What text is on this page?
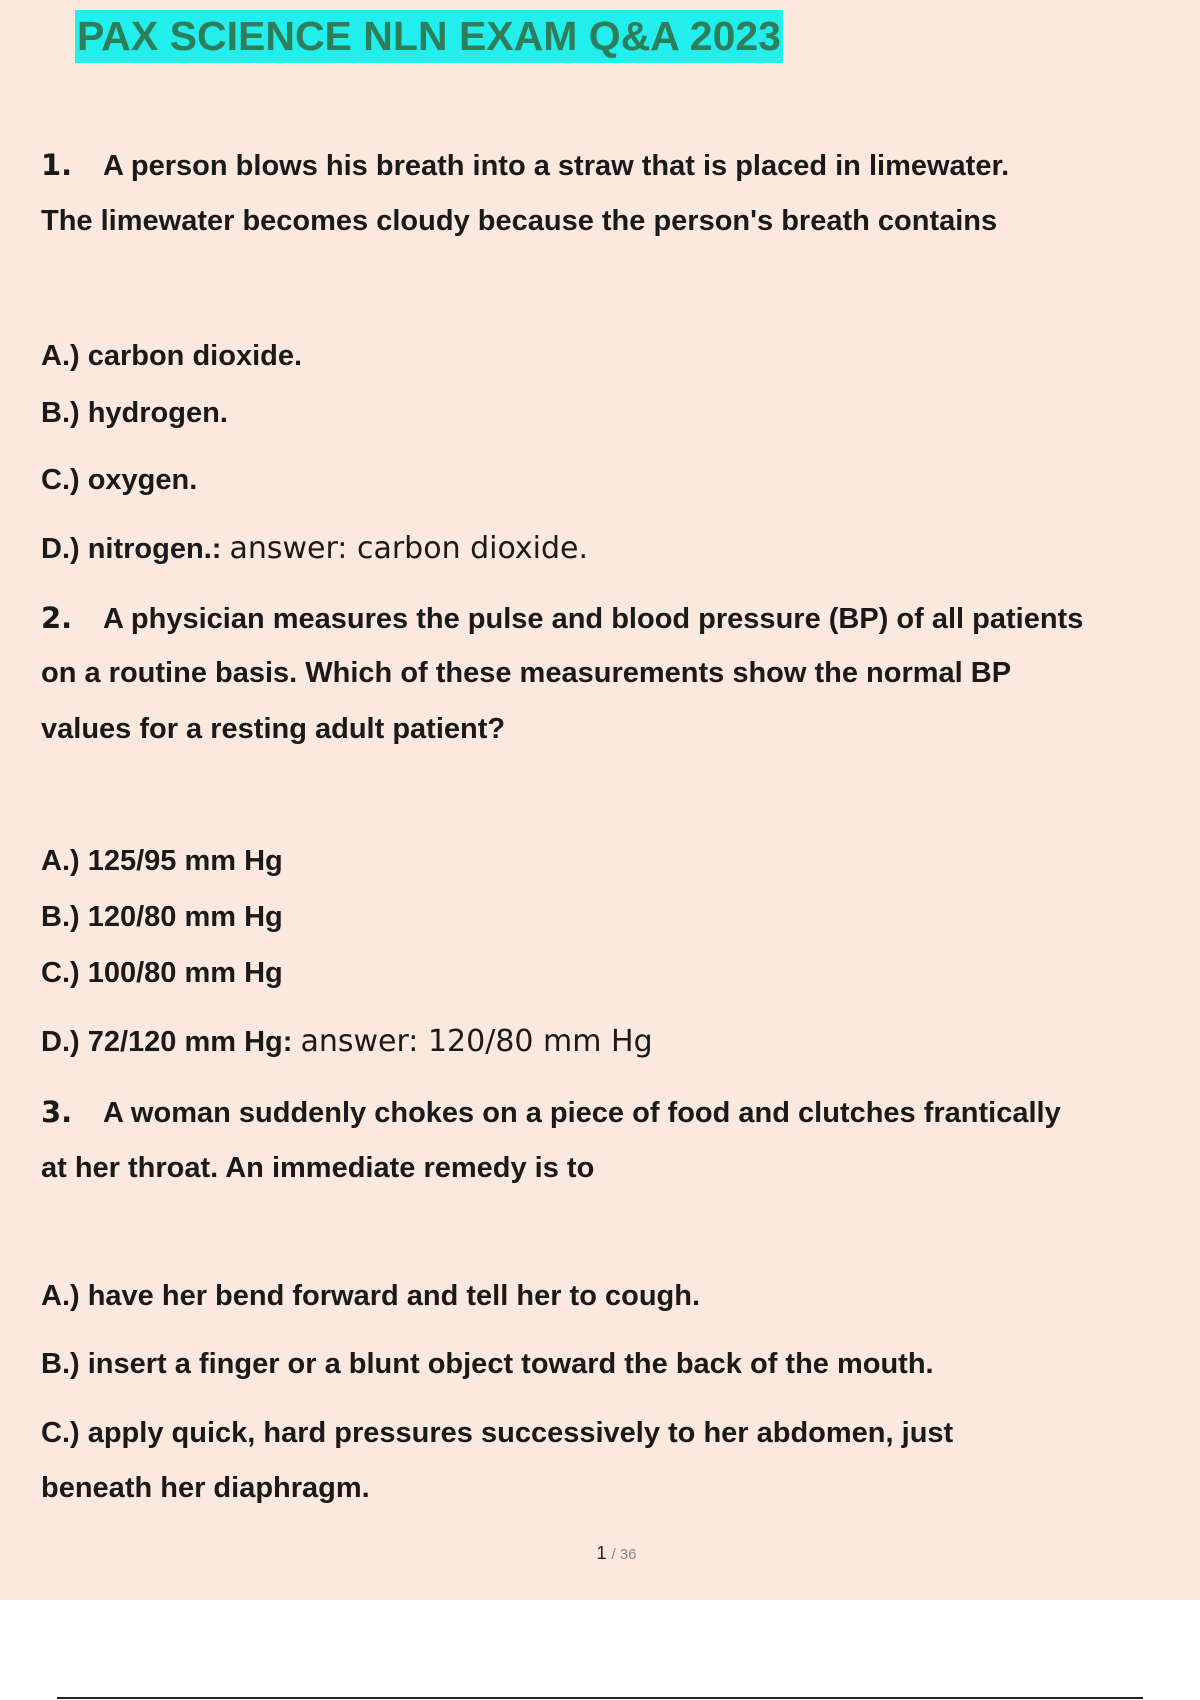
PAX SCIENCE NLN EXAM Q&A 2023
1. A person blows his breath into a straw that is placed in limewater.
The limewater becomes cloudy because the person's breath contains
A.) carbon dioxide.
B.) hydrogen.
C.) oxygen.
D.) nitrogen.: answer: carbon dioxide.
2. A physician measures the pulse and blood pressure (BP) of all patients
on a routine basis. Which of these measurements show the normal BP
values for a resting adult patient?
A.) 125/95 mm Hg
B.) 120/80 mm Hg
C.) 100/80 mm Hg
D.) 72/120 mm Hg: answer: 120/80 mm Hg
3. A woman suddenly chokes on a piece of food and clutches frantically
at her throat. An immediate remedy is to
A.) have her bend forward and tell her to cough.
B.) insert a finger or a blunt object toward the back of the mouth.
C.) apply quick, hard pressures successively to her abdomen, just
beneath her diaphragm.
1 / 36
